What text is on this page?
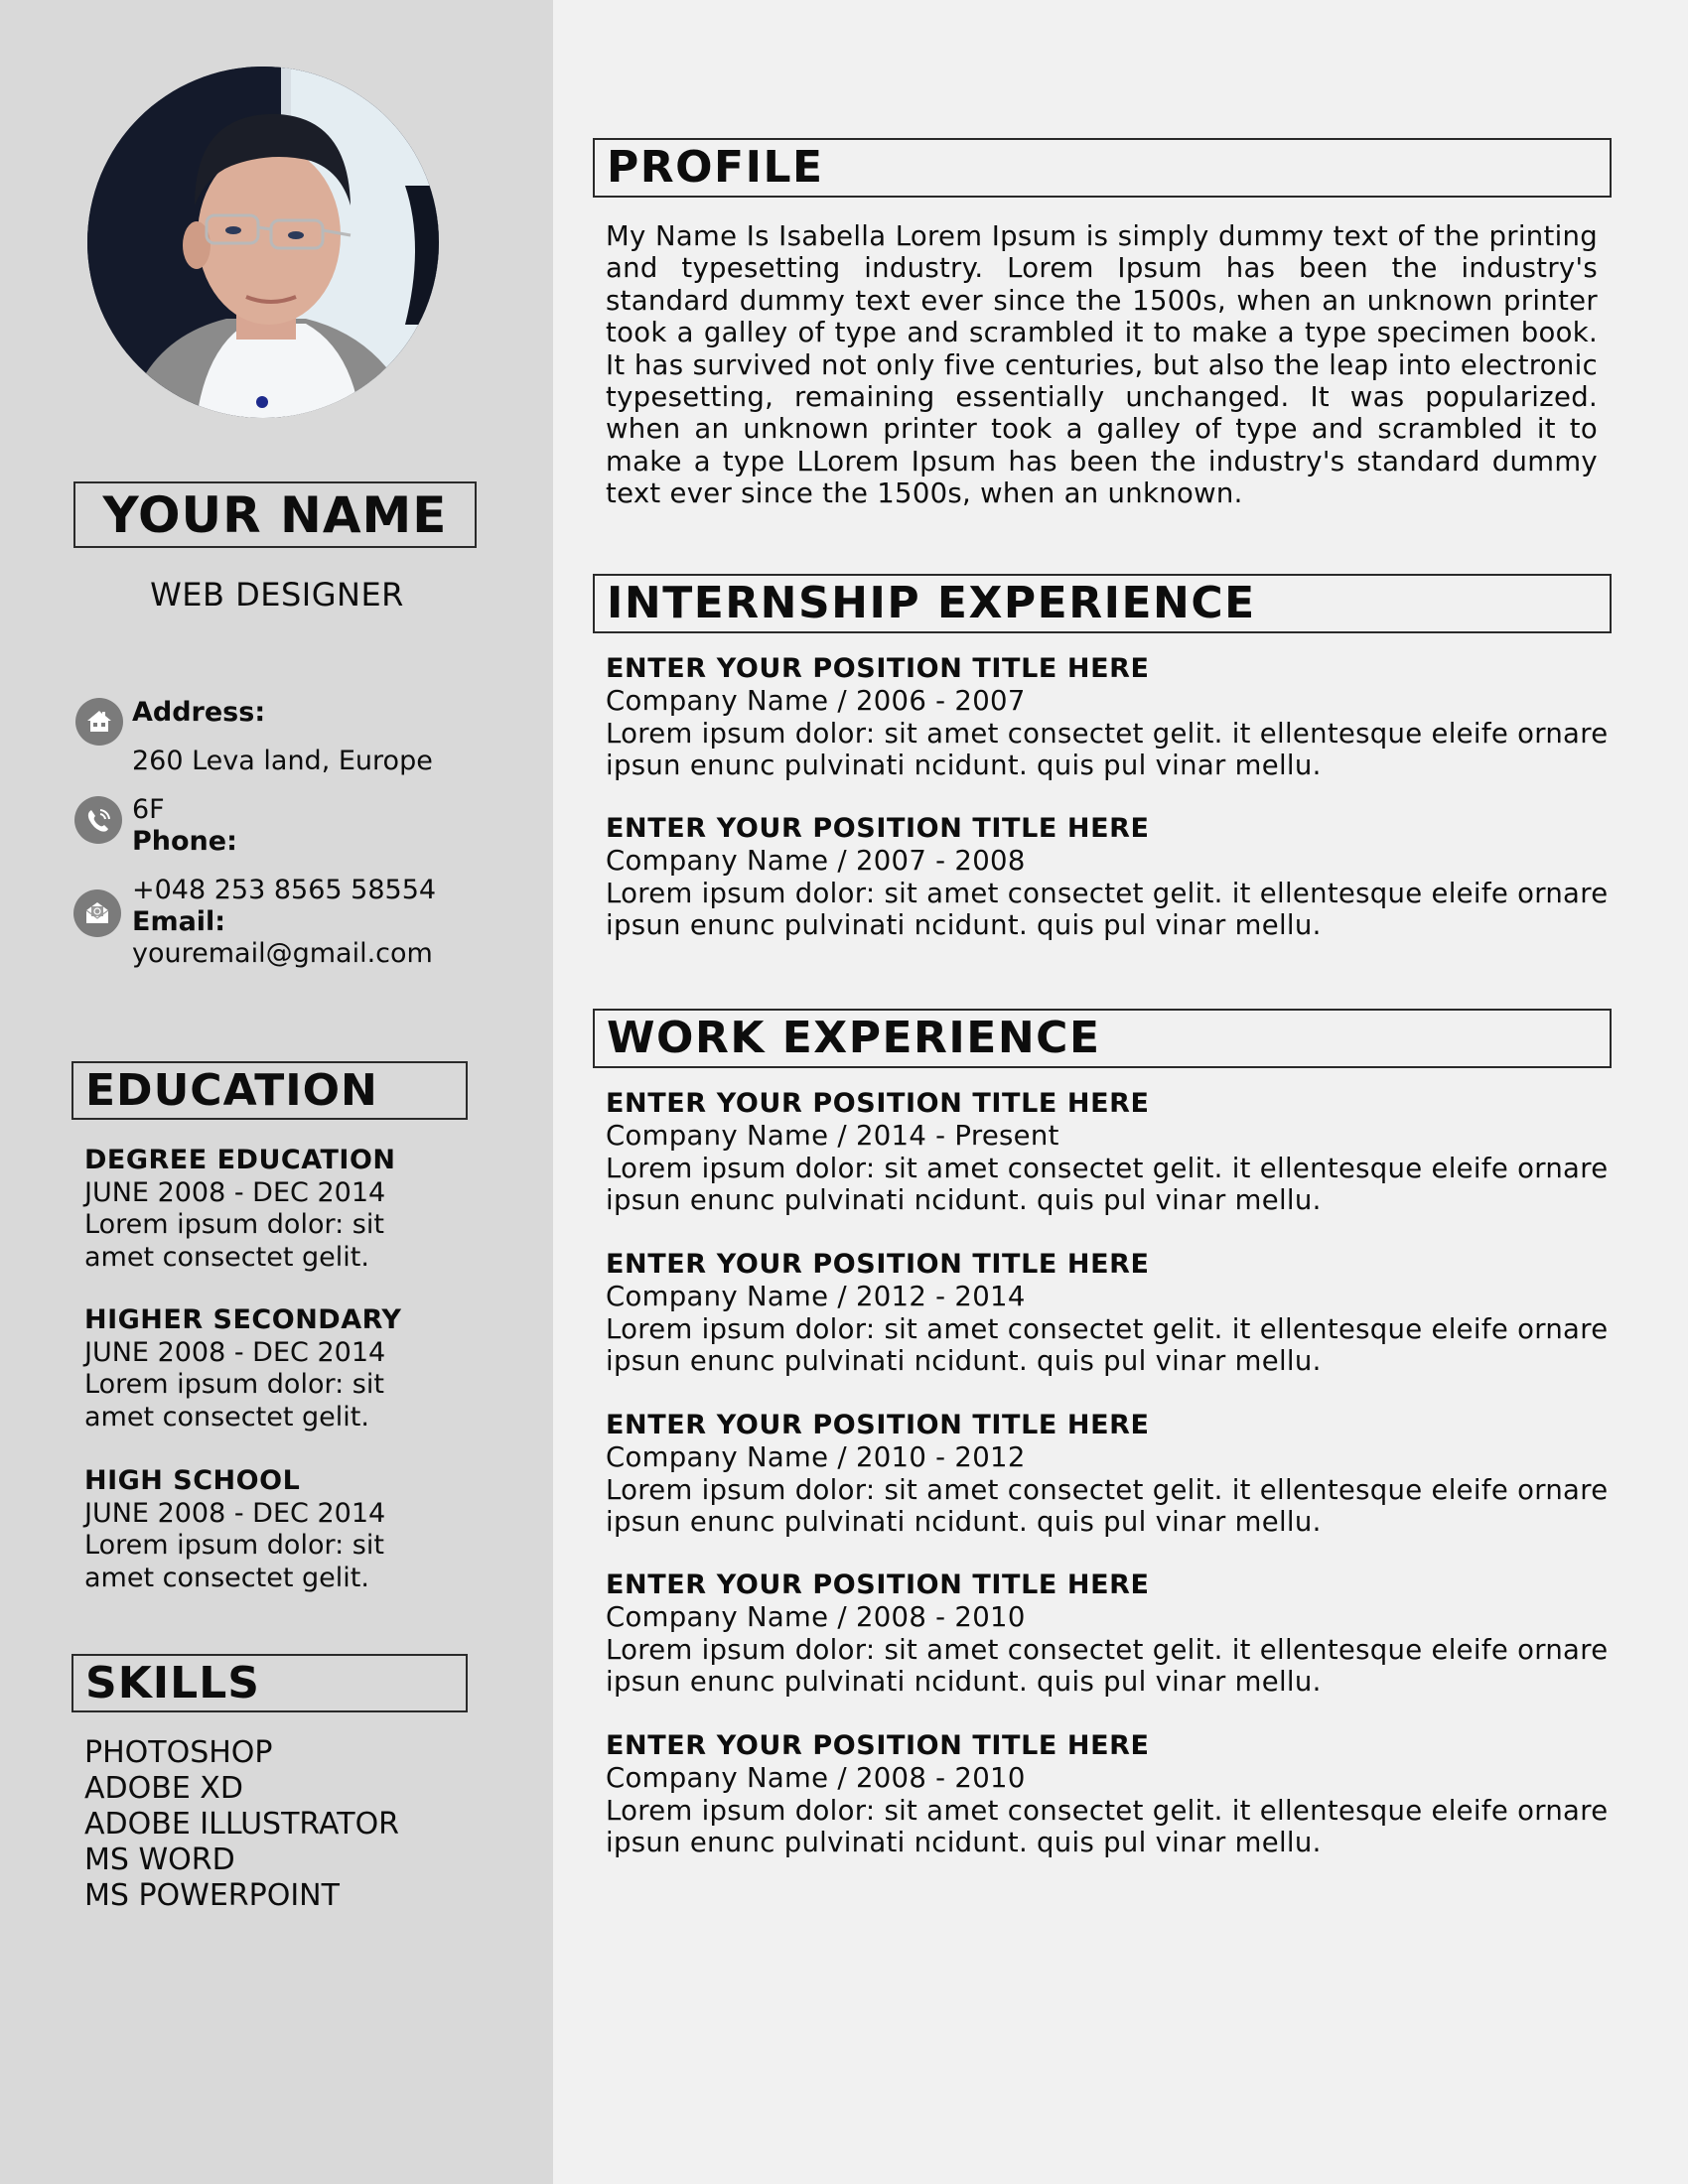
YOUR NAME
WEB DESIGNER
Address:
260 Leva land, Europe
6F
Phone:
+048 253 8565 58554
Email:
youremail@gmail.com
EDUCATION
DEGREE EDUCATION
JUNE 2008 - DEC 2014
Lorem ipsum dolor: sit
amet consectet gelit.
HIGHER SECONDARY
JUNE 2008 - DEC 2014
Lorem ipsum dolor: sit
amet consectet gelit.
HIGH SCHOOL
JUNE 2008 - DEC 2014
Lorem ipsum dolor: sit
amet consectet gelit.
SKILLS
PHOTOSHOP
ADOBE XD
ADOBE ILLUSTRATOR
MS WORD
MS POWERPOINT
PROFILE
My Name Is Isabella Lorem Ipsum is simply dummy text of the printing and typesetting industry. Lorem Ipsum has been the industry's standard dummy text ever since the 1500s, when an unknown printer took a galley of type and scrambled it to make a type specimen book. It has survived not only five centuries, but also the leap into electronic typesetting, remaining essentially unchanged. It was popularized. when an unknown printer took a galley of type and scrambled it to make a type LLorem Ipsum has been the industry's standard dummy text ever since the 1500s, when an unknown.
INTERNSHIP EXPERIENCE
ENTER YOUR POSITION TITLE HERE
Company Name / 2006 - 2007
Lorem ipsum dolor: sit amet consectet gelit. it ellentesque eleife ornare
ipsun enunc pulvinati ncidunt. quis pul vinar mellu.
ENTER YOUR POSITION TITLE HERE
Company Name / 2007 - 2008
Lorem ipsum dolor: sit amet consectet gelit. it ellentesque eleife ornare
ipsun enunc pulvinati ncidunt. quis pul vinar mellu.
WORK EXPERIENCE
ENTER YOUR POSITION TITLE HERE
Company Name / 2014 - Present
Lorem ipsum dolor: sit amet consectet gelit. it ellentesque eleife ornare
ipsun enunc pulvinati ncidunt. quis pul vinar mellu.
ENTER YOUR POSITION TITLE HERE
Company Name / 2012 - 2014
Lorem ipsum dolor: sit amet consectet gelit. it ellentesque eleife ornare
ipsun enunc pulvinati ncidunt. quis pul vinar mellu.
ENTER YOUR POSITION TITLE HERE
Company Name / 2010 - 2012
Lorem ipsum dolor: sit amet consectet gelit. it ellentesque eleife ornare
ipsun enunc pulvinati ncidunt. quis pul vinar mellu.
ENTER YOUR POSITION TITLE HERE
Company Name / 2008 - 2010
Lorem ipsum dolor: sit amet consectet gelit. it ellentesque eleife ornare
ipsun enunc pulvinati ncidunt. quis pul vinar mellu.
ENTER YOUR POSITION TITLE HERE
Company Name / 2008 - 2010
Lorem ipsum dolor: sit amet consectet gelit. it ellentesque eleife ornare
ipsun enunc pulvinati ncidunt. quis pul vinar mellu.
